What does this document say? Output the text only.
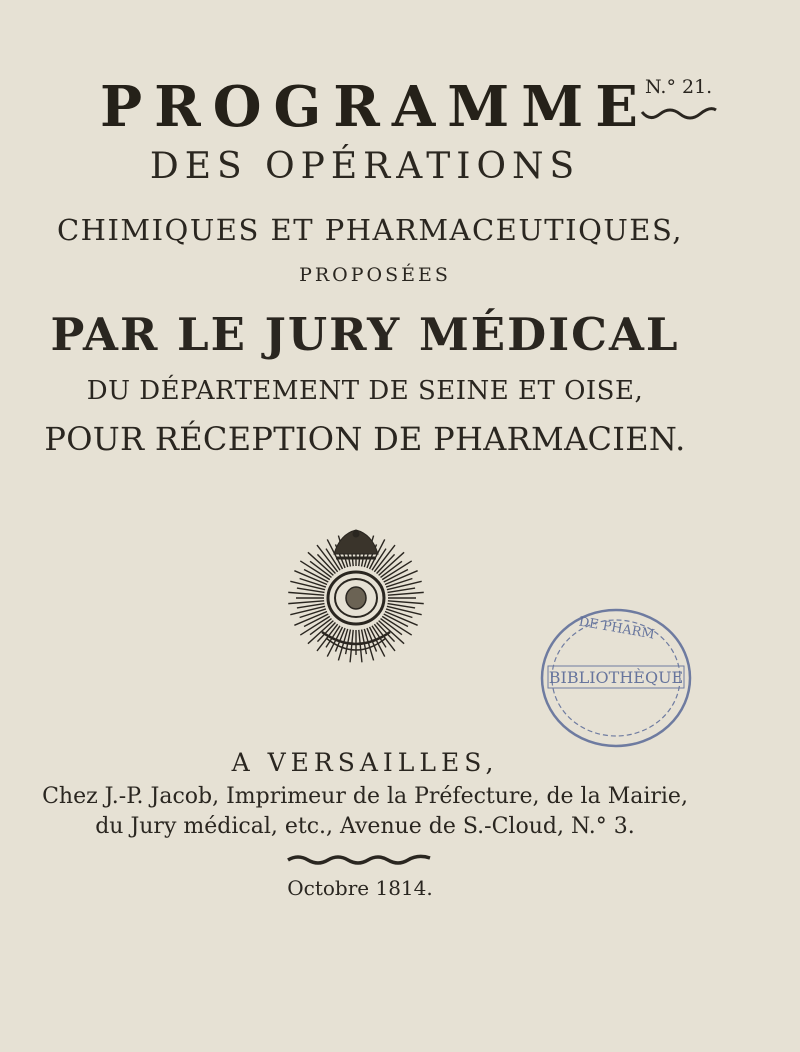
N.° 21.
PROGRAMME
DES OPÉRATIONS
CHIMIQUES ET PHARMACEUTIQUES,
PROPOSÉES
PAR LE JURY MÉDICAL
DU DÉPARTEMENT DE SEINE ET OISE,
POUR RÉCEPTION DE PHARMACIEN.
DE PHARM
BIBLIOTHÈQUE
A VERSAILLES,
Chez J.-P. Jacob, Imprimeur de la Préfecture, de la Mairie,
du Jury médical, etc., Avenue de S.-Cloud, N.° 3.
Octobre 1814.
